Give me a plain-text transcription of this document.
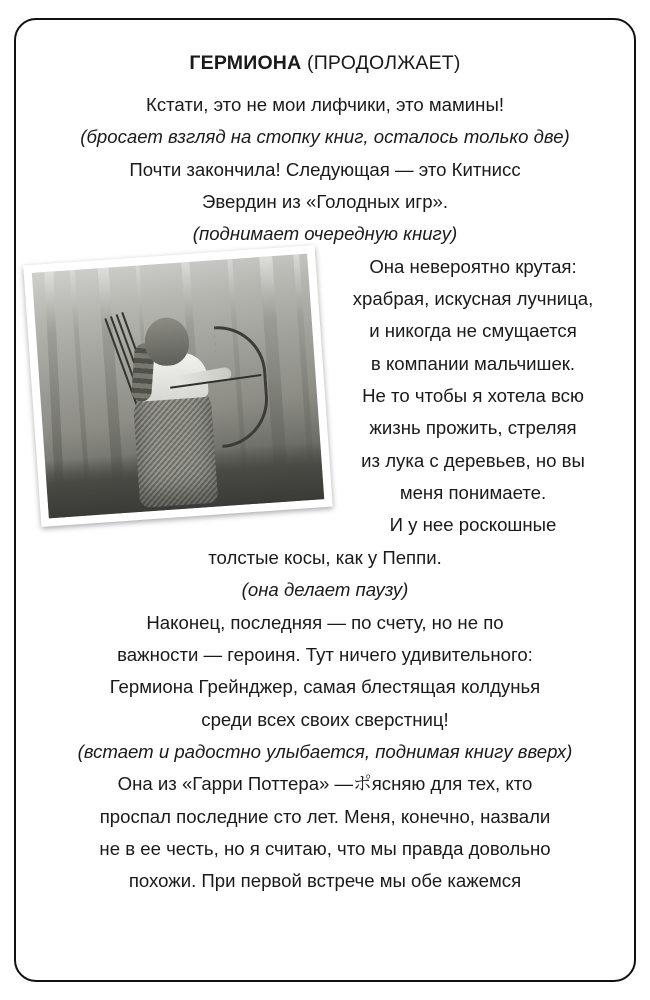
ГЕРМИОНА (ПРОДОЛЖАЕТ)
Кстати, это не мои лифчики, это мамины!
(бросает взгляд на стопку книг, осталось только две)
Почти закончила! Следующая — это Китнисс
Эвердин из «Голодных игр».
(поднимает очередную книгу)
Она невероятно крутая:
храбрая, искусная лучница,
и никогда не смущается
в компании мальчишек.
Не то чтобы я хотела всю
жизнь прожить, стреляя
из лука с деревьев, но вы
меня понимаете.
И у нее роскошные
толстые косы, как у Пеппи.
(она делает паузу)
Наконец, последняя — по счету, но не по
важности — героиня. Тут ничего удивительного:
Гермиона Грейнджер, самая блестящая колдунья
среди всех своих сверстниц!
(встает и радостно улыбается, поднимая книгу вверх)
Она из «Гарри Поттера» —ポясняю для тех, кто
проспал последние сто лет. Меня, конечно, назвали
не в ее честь, но я считаю, что мы правда довольно
похожи. При первой встрече мы обе кажемся
